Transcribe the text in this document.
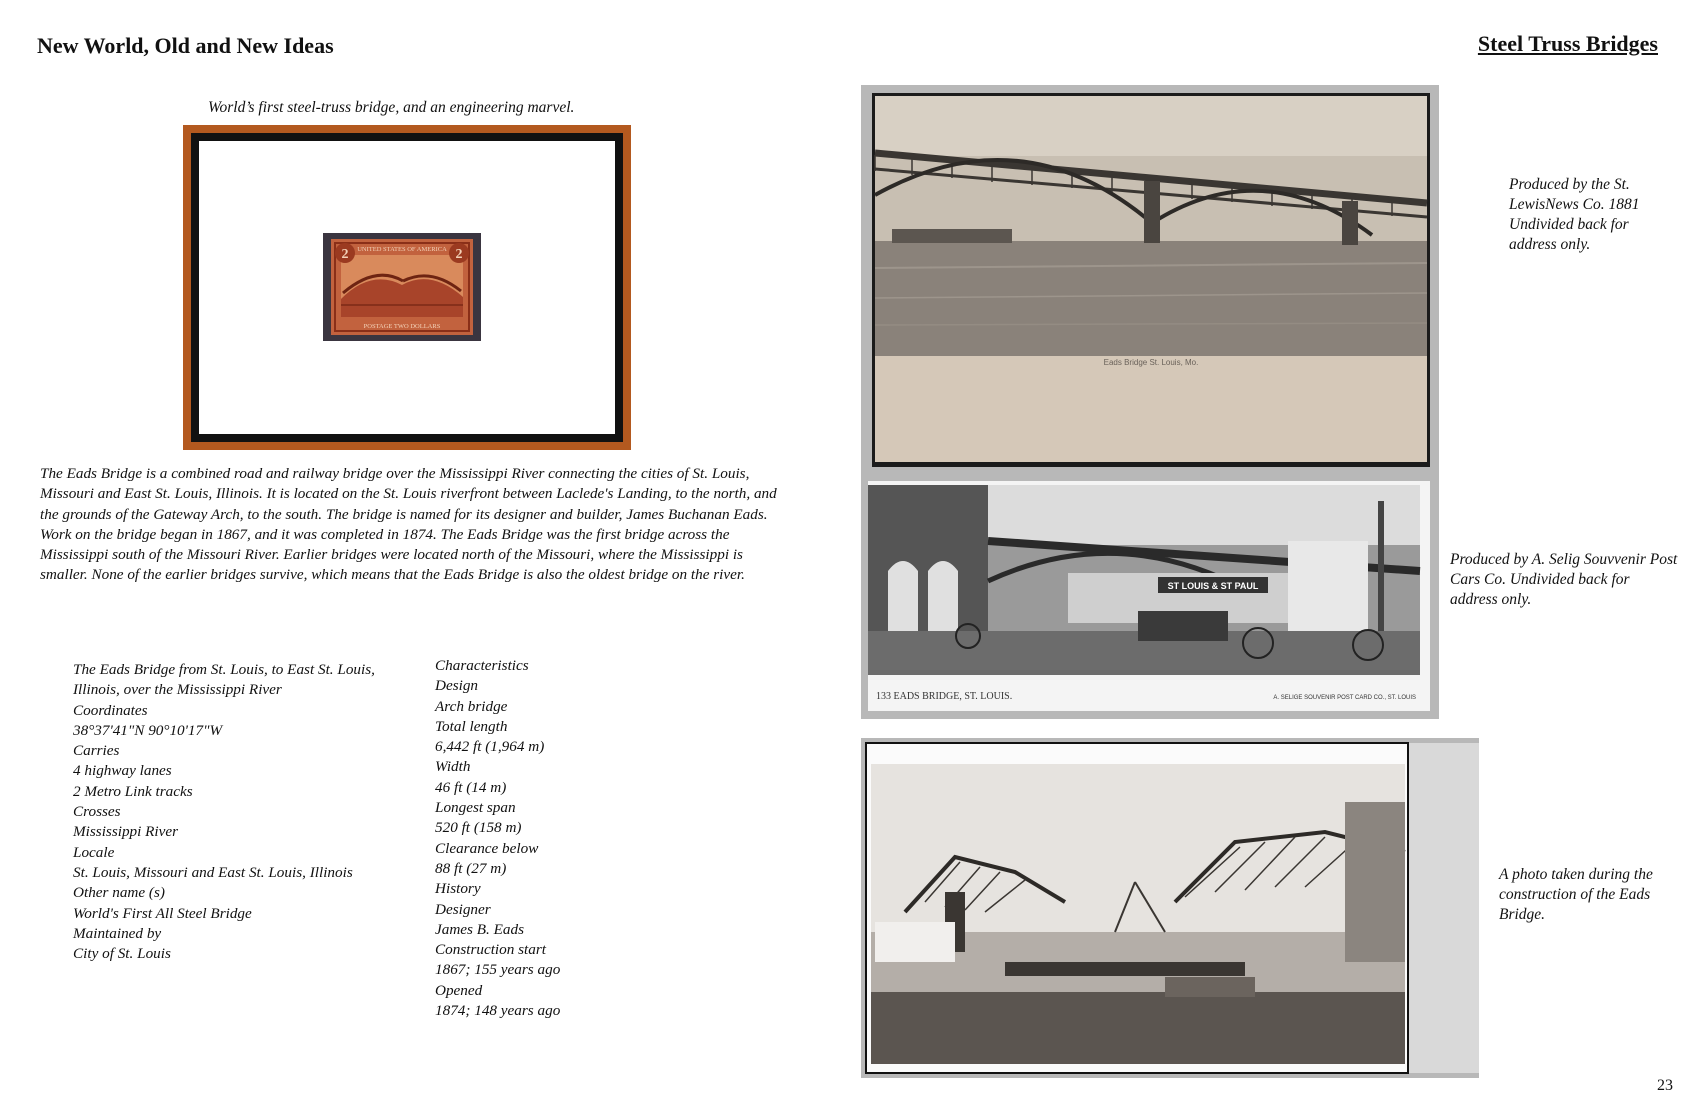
New World, Old and New Ideas	Steel Truss Bridges
World’s first steel-truss bridge, and an engineering marvel.
2	2
UNITED STATES OF AMERICA
POSTAGE TWO DOLLARS
The Eads Bridge is a combined road and railway bridge over the Mississippi River connecting the cities of St. Louis, Missouri and East St. Louis, Illinois. It is located on the St. Louis riverfront between Laclede's Landing, to the north, and the grounds of the Gateway Arch, to the south. The bridge is named for its designer and builder, James Buchanan Eads. Work on the bridge began in 1867, and it was completed in 1874. The Eads Bridge was the first bridge across the Mississippi south of the Missouri River. Earlier bridges were located north of the Missouri, where the Mississippi is smaller. None of the earlier bridges survive, which means that the Eads Bridge is also the oldest bridge on the river.
The Eads Bridge from St. Louis, to East St. Louis,
Illinois, over the Mississippi River
Coordinates
38°37'41"N 90°10'17"W
Carries
4 highway lanes
2 Metro Link tracks
Crosses
Mississippi River
Locale
St. Louis, Missouri and East St. Louis, Illinois
Other name (s)
World's First All Steel Bridge
Maintained by
City of St. Louis
Characteristics
Design
Arch bridge
Total length
6,442 ft (1,964 m)
Width
46 ft (14 m)
Longest span
520 ft (158 m)
Clearance below
88 ft (27 m)
History
Designer
James B. Eads
Construction start
1867; 155 years ago
Opened
1874; 148 years ago
Eads Bridge St. Louis, Mo.
ST LOUIS & ST PAUL
133 EADS BRIDGE, ST. LOUIS.	A. SELIGE SOUVENIR POST CARD CO., ST. LOUIS
Produced by the St. LewisNews Co. 1881 Undivided back for address only.
Produced by A. Selig Souvvenir Post Cars Co. Undivided back for address only.
A photo taken during the construction of the Eads Bridge.
23
